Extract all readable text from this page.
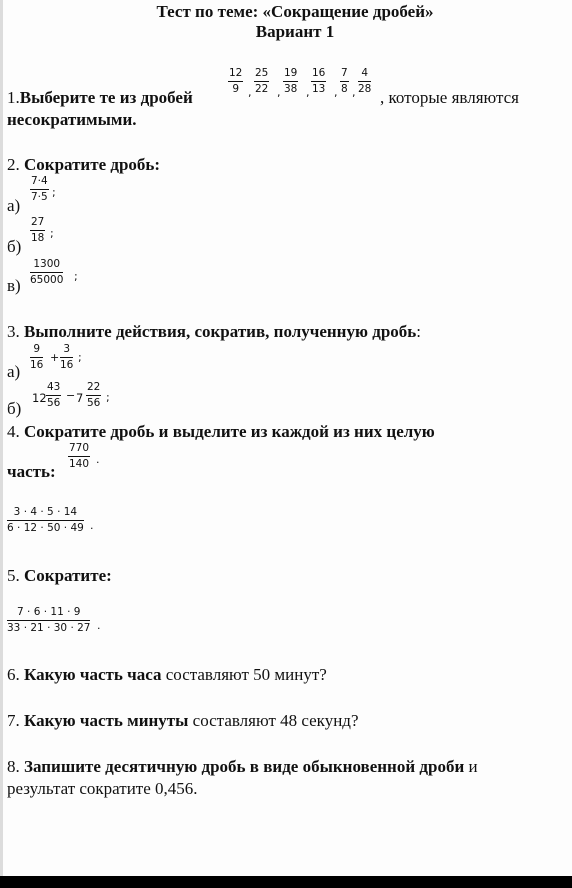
Тест по теме: «Сокращение дробей»
Вариант 1
1.Выберите те из дробей
$\frac{12}{9}$ , $\frac{25}{22}$ , $\frac{19}{38}$ , $\frac{16}{13}$ , $\frac{7}{8}$ , $\frac{4}{28}$
, которые являются
несократимыми.
2. Сократите дробь:
а)
$\frac{7\cdot 4}{7\cdot 5}$ ;
б)
$\frac{27}{18}$ ;
в)
$\frac{1300}{65000}$ ;
3. Выполните действия, сократив, полученную дробь:
а)
$\frac{9}{16} + \frac{3}{16}$ ;
б)
$12 \frac{43}{56} - 7 \frac{22}{56}$ ;
4. Сократите дробь и выделите из каждой из них целую
часть:
$\frac{770}{140}$ .
$\frac{3 \cdot 4 \cdot 5 \cdot 14}{6 \cdot 12 \cdot 50 \cdot 49}$ .
5. Сократите:
$\frac{7 \cdot 6 \cdot 11 \cdot 9}{33 \cdot 21 \cdot 30 \cdot 27}$ .
6. Какую часть часа составляют 50 минут?
7. Какую часть минуты составляют 48 секунд?
8. Запишите десятичную дробь в виде обыкновенной дроби и
результат сократите 0,456.
